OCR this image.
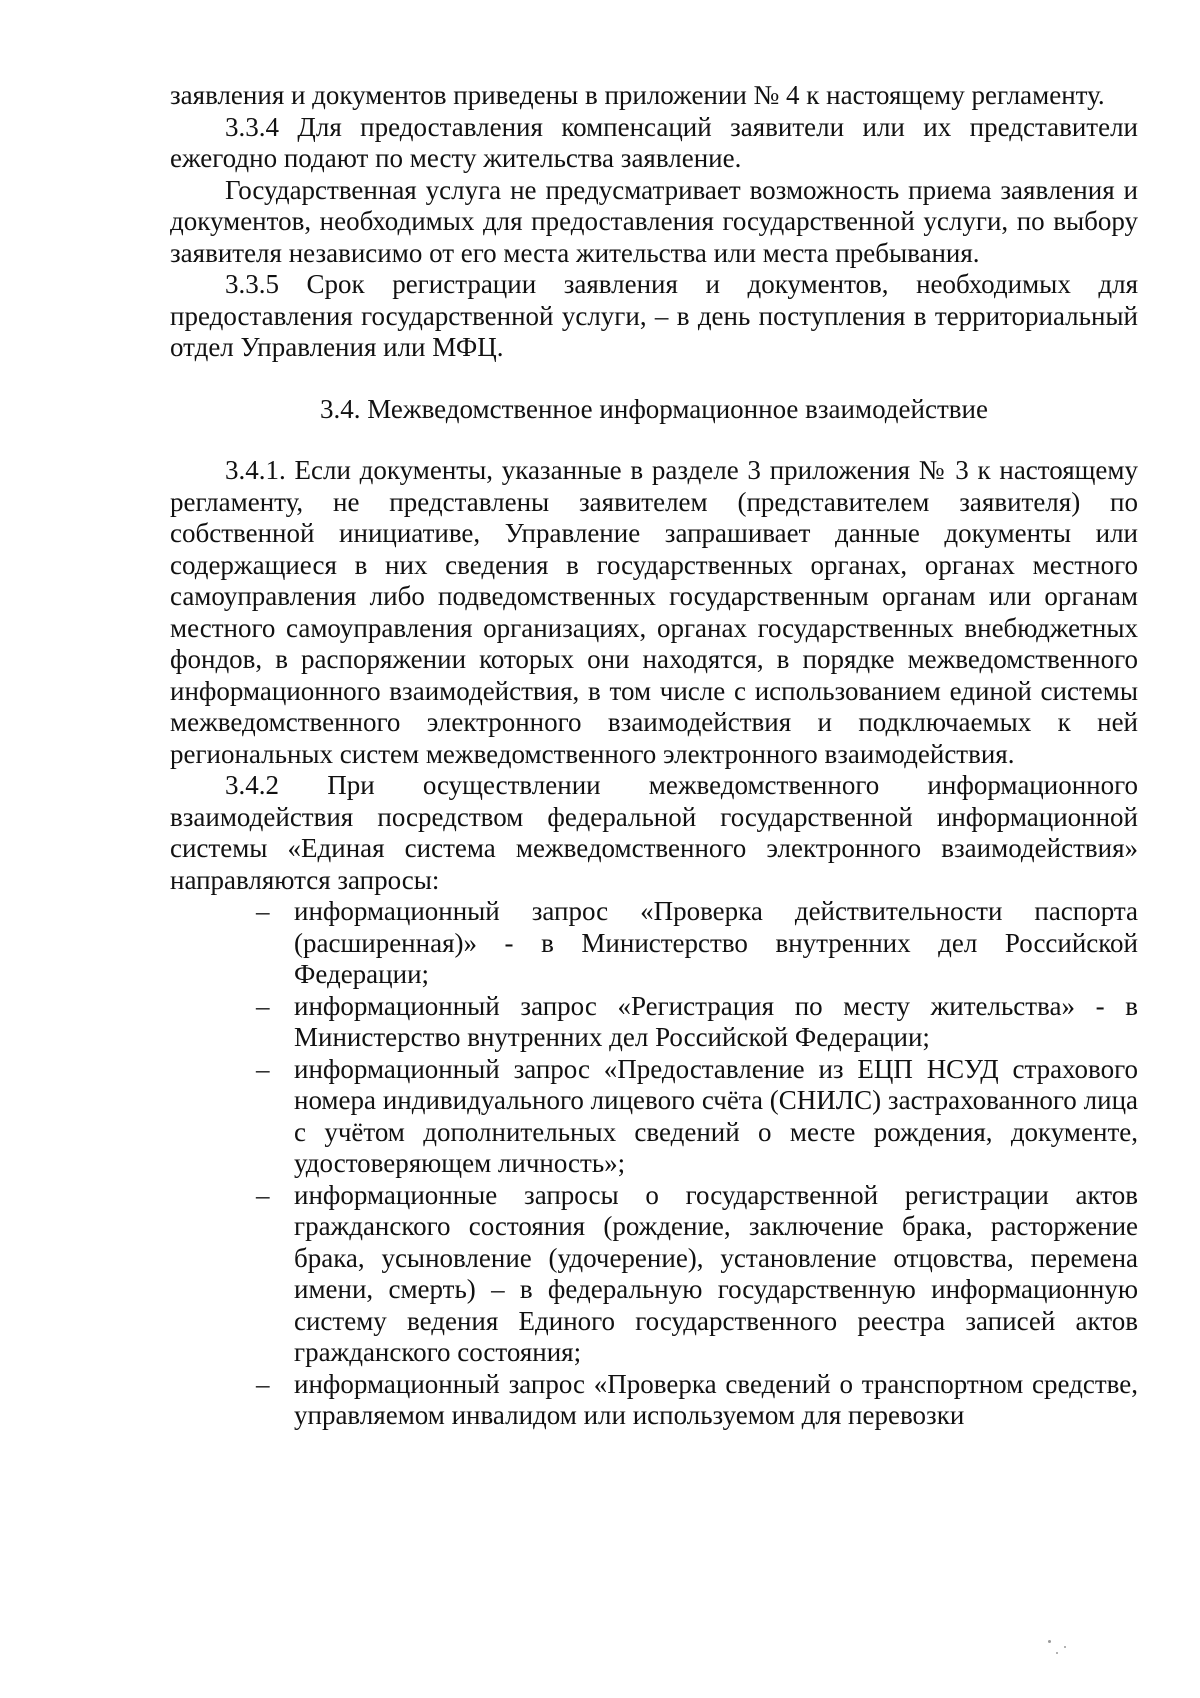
заявления и документов приведены в приложении № 4 к настоящему регламенту.

3.3.4 Для предоставления компенсаций заявители или их представители ежегодно подают по месту жительства заявление.

Государственная услуга не предусматривает возможность приема заявления и документов, необходимых для предоставления государственной услуги, по выбору заявителя независимо от его места жительства или места пребывания.

3.3.5 Срок регистрации заявления и документов, необходимых для предоставления государственной услуги, – в день поступления в территориальный отдел Управления или МФЦ.

3.4. Межведомственное информационное взаимодействие

3.4.1. Если документы, указанные в разделе 3 приложения № 3 к настоящему регламенту, не представлены заявителем (представителем заявителя) по собственной инициативе, Управление запрашивает данные документы или содержащиеся в них сведения в государственных органах, органах местного самоуправления либо подведомственных государственным органам или органам местного самоуправления организациях, органах государственных внебюджетных фондов, в распоряжении которых они находятся, в порядке межведомственного информационного взаимодействия, в том числе с использованием единой системы межведомственного электронного взаимодействия и подключаемых к ней региональных систем межведомственного электронного взаимодействия.

3.4.2 При осуществлении межведомственного информационного взаимодействия посредством федеральной государственной информационной системы «Единая система межведомственного электронного взаимодействия» направляются запросы:

– информационный запрос «Проверка действительности паспорта (расширенная)» - в Министерство внутренних дел Российской Федерации;
– информационный запрос «Регистрация по месту жительства» - в Министерство внутренних дел Российской Федерации;
– информационный запрос «Предоставление из ЕЦП НСУД страхового номера индивидуального лицевого счёта (СНИЛС) застрахованного лица с учётом дополнительных сведений о месте рождения, документе, удостоверяющем личность»;
– информационные запросы о государственной регистрации актов гражданского состояния (рождение, заключение брака, расторжение брака, усыновление (удочерение), установление отцовства, перемена имени, смерть) – в федеральную государственную информационную систему ведения Единого государственного реестра записей актов гражданского состояния;
– информационный запрос «Проверка сведений о транспортном средстве, управляемом инвалидом или используемом для перевозки
